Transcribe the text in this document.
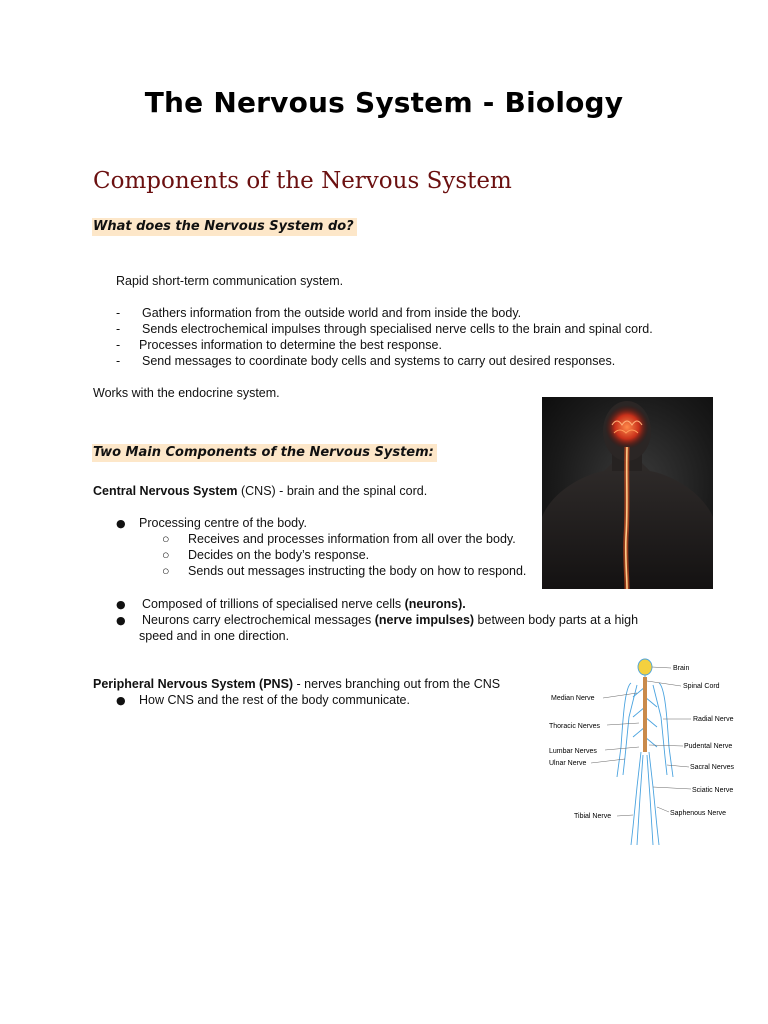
The Nervous System - Biology
Components of the Nervous System
What does the Nervous System do?
Rapid short-term communication system.
- Gathers information from the outside world and from inside the body.
- Sends electrochemical impulses through specialised nerve cells to the brain and spinal cord.
- Processes information to determine the best response.
- Send messages to coordinate body cells and systems to carry out desired responses.
Works with the endocrine system.
Two Main Components of the Nervous System:
Central Nervous System (CNS) - brain and the spinal cord.
● Processing centre of the body.
○ Receives and processes information from all over the body.
○ Decides on the body’s response.
○ Sends out messages instructing the body on how to respond.
● Composed of trillions of specialised nerve cells (neurons).
● Neurons carry electrochemical messages (nerve impulses) between body parts at a high
speed and in one direction.
Peripheral Nervous System (PNS) - nerves branching out from the CNS
● How CNS and the rest of the body communicate.
Brain
Spinal Cord
Median Nerve
Radial Nerve
Thoracic Nerves
Pudental Nerve
Lumbar Nerves
Ulnar Nerve
Sacral Nerves
Sciatic Nerve
Saphenous Nerve
Tibial Nerve
